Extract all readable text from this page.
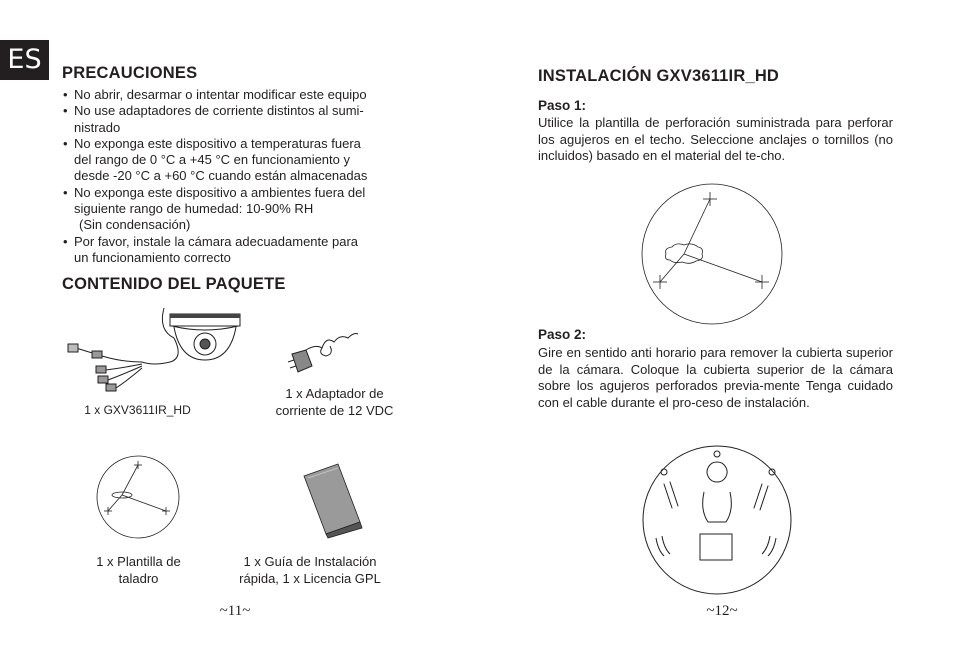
ES	PRECAUCIONES
• No abrir, desarmar o intentar modificar este equipo
• No use adaptadores de corriente distintos al sumi-
nistrado
• No exponga este dispositivo a temperaturas fuera
del rango de 0 °C a +45 °C en funcionamiento y
desde -20 °C a +60 °C cuando están almacenadas
• No exponga este dispositivo a ambientes fuera del
siguiente rango de humedad: 10-90% RH

(Sin condensación)
• Por favor, instale la cámara adecuadamente para
un funcionamiento correcto
CONTENIDO DEL PAQUETE
1 x GXV3611IR_HD
1 x Adaptador de
corriente de 12 VDC
1 x Plantilla de
taladro
1 x Guía de Instalación
rápida, 1 x Licencia GPL
~11~
INSTALACIÓN GXV3611IR_HD

Paso 1:

Utilice la plantilla de perforación suministrada para perforar los agujeros en el techo. Seleccione anclajes o tornillos (no incluidos) basado en el material del te-cho.

Paso 2:

Gire en sentido anti horario para remover la cubierta superior de la cámara. Coloque la cubierta superior de la cámara sobre los agujeros perforados previa-mente Tenga cuidado con el cable durante el pro-ceso de instalación.

~12~
